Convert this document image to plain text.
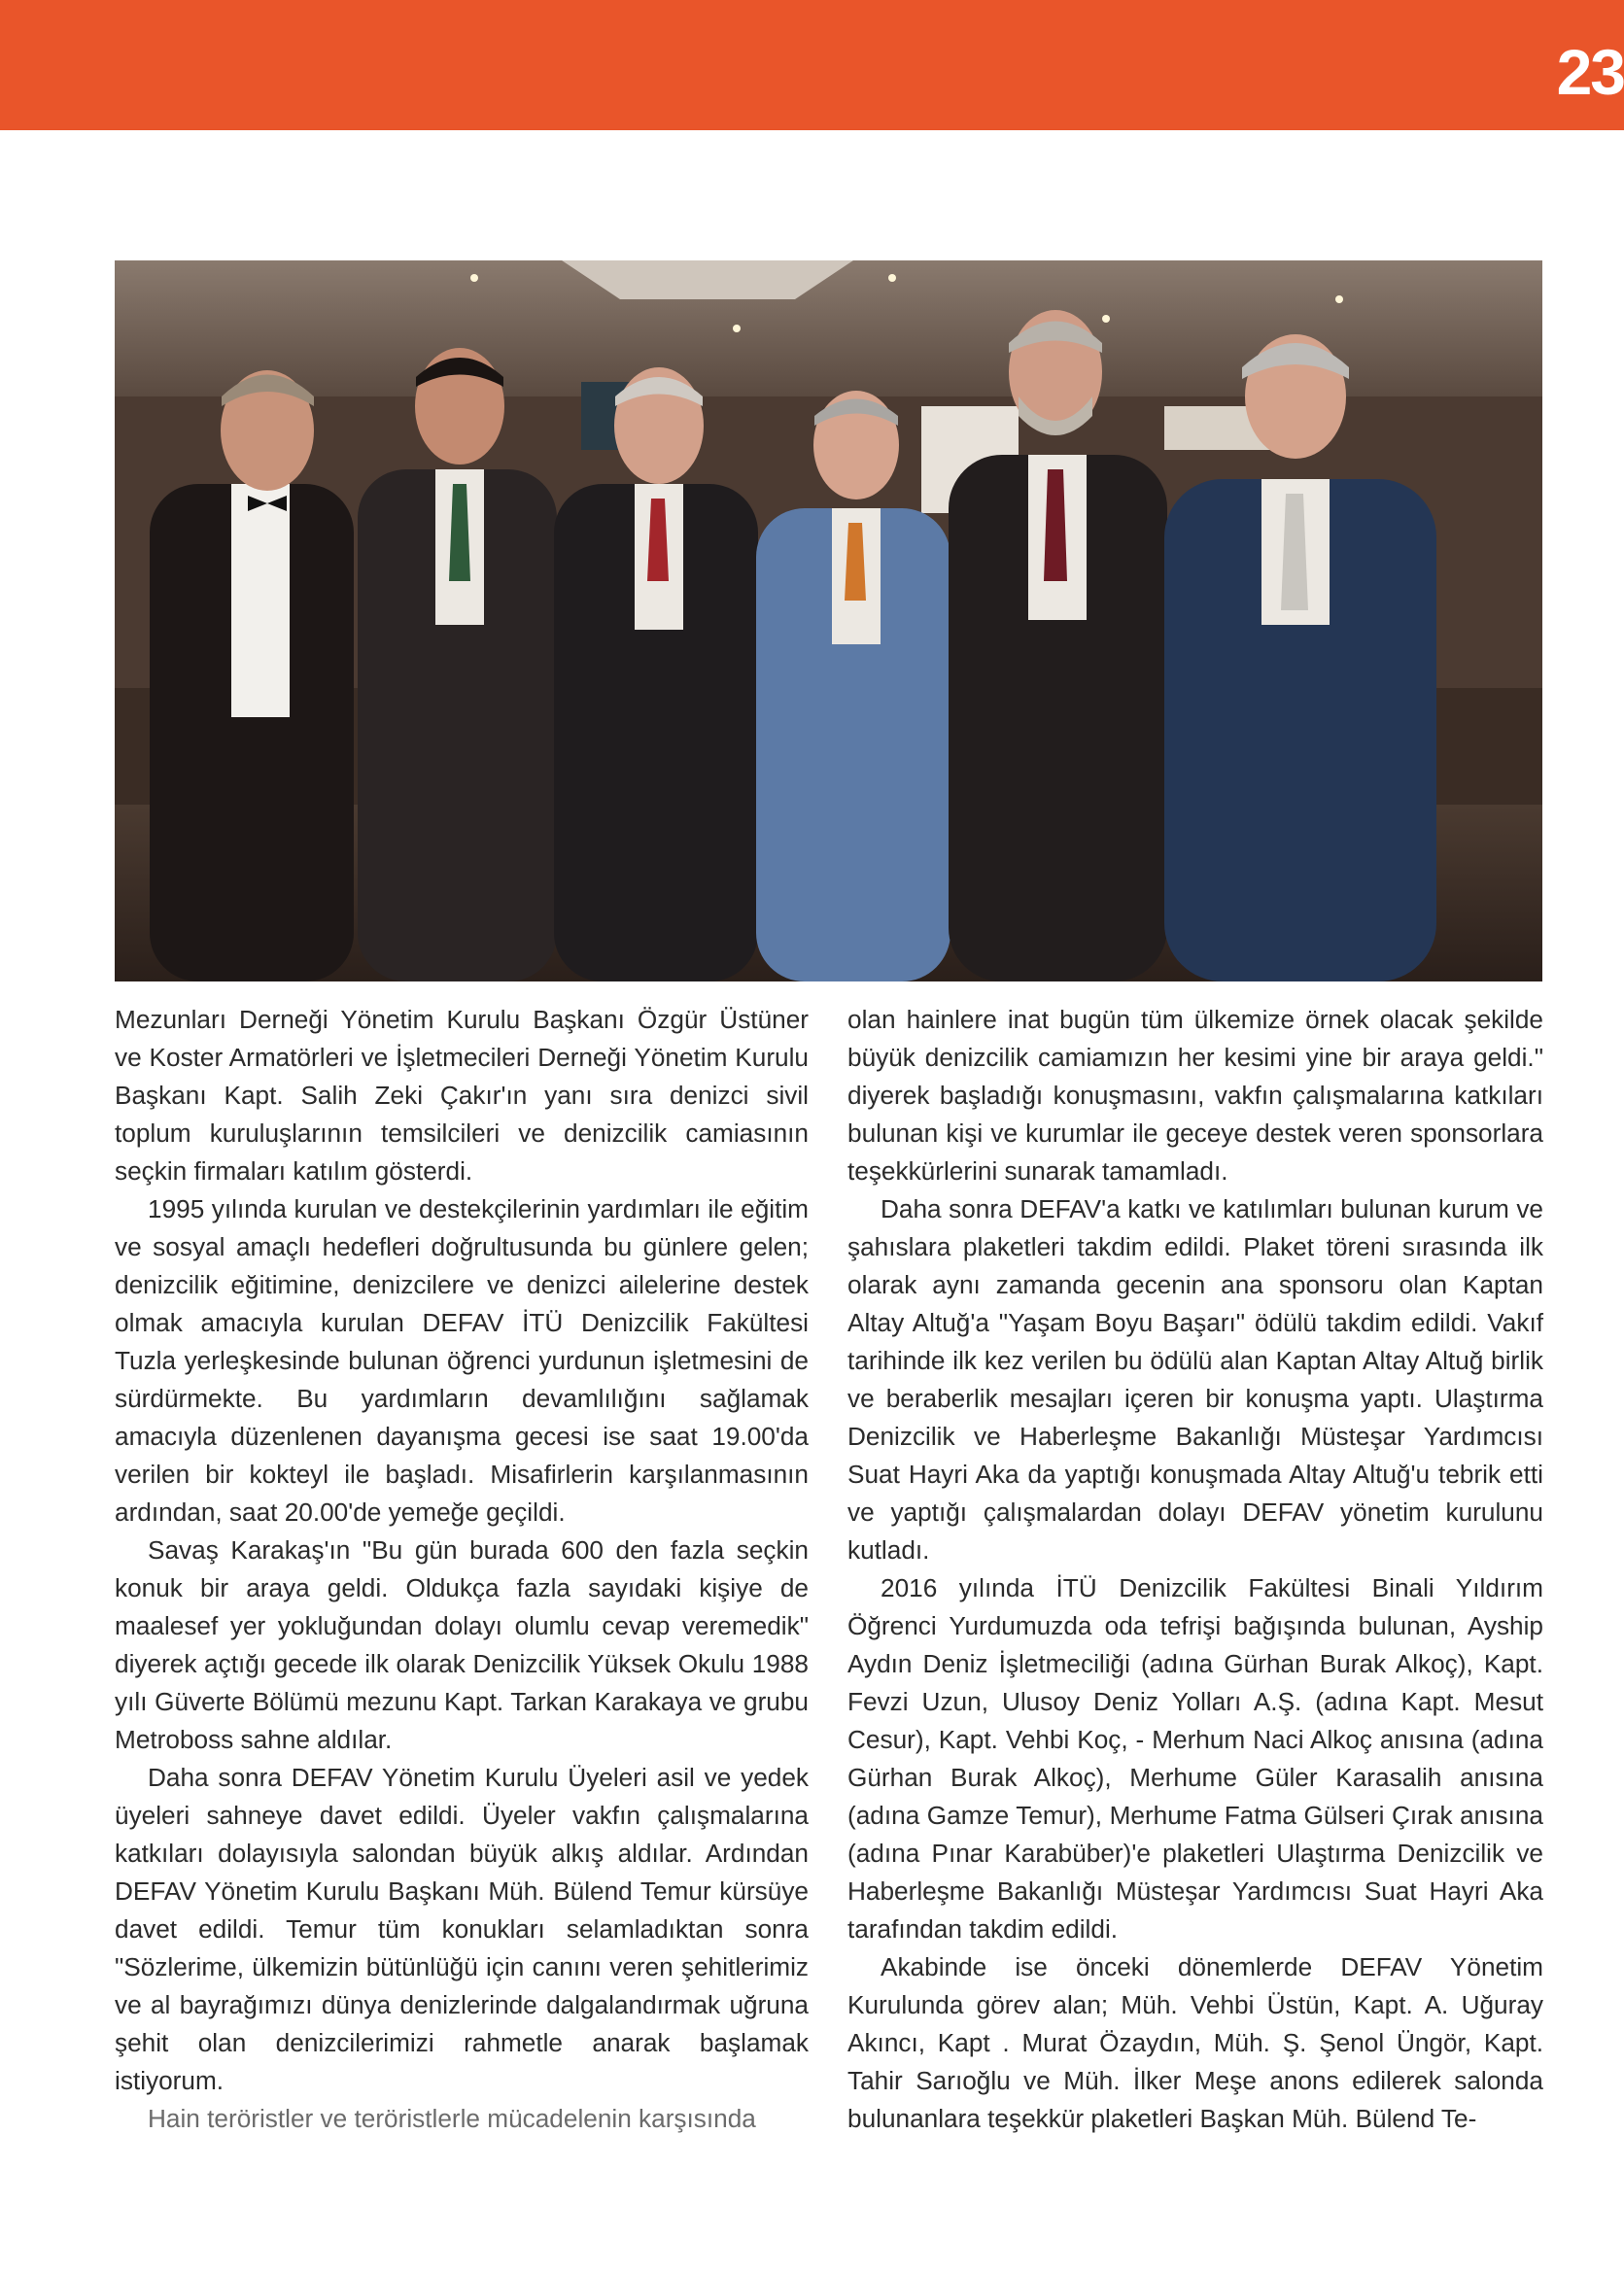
23

Mezunları Derneği Yönetim Kurulu Başkanı Özgür Üstüner ve Koster Armatörleri ve İşletmecileri Derneği Yönetim Kurulu Başkanı Kapt. Salih Zeki Çakır'ın yanı sıra denizci sivil toplum kuruluşlarının temsilcileri ve denizcilik camiasının seçkin firmaları katılım gösterdi.

1995 yılında kurulan ve destekçilerinin yardımları ile eğitim ve sosyal amaçlı hedefleri doğrultusunda bu günlere gelen; denizcilik eğitimine, denizcilere ve denizci ailelerine destek olmak amacıyla kurulan DEFAV İTÜ Denizcilik Fakültesi Tuzla yerleşkesinde bulunan öğrenci yurdunun işletmesini de sürdürmekte. Bu yardımların devamlılığını sağlamak amacıyla düzenlenen dayanışma gecesi ise saat 19.00'da verilen bir kokteyl ile başladı. Misafirlerin karşılanmasının ardından, saat 20.00'de yemeğe geçildi.

Savaş Karakaş'ın "Bu gün burada 600 den fazla seçkin konuk bir araya geldi. Oldukça fazla sayıdaki kişiye de maalesef yer yokluğundan dolayı olumlu cevap veremedik" diyerek açtığı gecede ilk olarak Denizcilik Yüksek Okulu 1988 yılı Güverte Bölümü mezunu Kapt. Tarkan Karakaya ve grubu Metroboss sahne aldılar.

Daha sonra DEFAV Yönetim Kurulu Üyeleri asil ve yedek üyeleri sahneye davet edildi. Üyeler vakfın çalışmalarına katkıları dolayısıyla salondan büyük alkış aldılar. Ardından DEFAV Yönetim Kurulu Başkanı Müh. Bülend Temur kürsüye davet edildi. Temur tüm konukları selamladıktan sonra "Sözlerime, ülkemizin bütünlüğü için canını veren şehitlerimiz ve al bayrağımızı dünya denizlerinde dalgalandırmak uğruna şehit olan denizcilerimizi rahmetle anarak başlamak istiyorum.

Hain teröristler ve teröristlerle mücadelenin karşısında

olan hainlere inat bugün tüm ülkemize örnek olacak şekilde büyük denizcilik camiamızın her kesimi yine bir araya geldi." diyerek başladığı konuşmasını, vakfın çalışmalarına katkıları bulunan kişi ve kurumlar ile geceye destek veren sponsorlara teşekkürlerini sunarak tamamladı.

Daha sonra DEFAV'a katkı ve katılımları bulunan kurum ve şahıslara plaketleri takdim edildi. Plaket töreni sırasında ilk olarak aynı zamanda gecenin ana sponsoru olan Kaptan Altay Altuğ'a "Yaşam Boyu Başarı" ödülü takdim edildi. Vakıf tarihinde ilk kez verilen bu ödülü alan Kaptan Altay Altuğ birlik ve beraberlik mesajları içeren bir konuşma yaptı. Ulaştırma Denizcilik ve Haberleşme Bakanlığı Müsteşar Yardımcısı Suat Hayri Aka da yaptığı konuşmada Altay Altuğ'u tebrik etti ve yaptığı çalışmalardan dolayı DEFAV yönetim kurulunu kutladı.

2016 yılında İTÜ Denizcilik Fakültesi Binali Yıldırım Öğrenci Yurdumuzda oda tefrişi bağışında bulunan, Ayship Aydın Deniz İşletmeciliği (adına Gürhan Burak Alkoç), Kapt. Fevzi Uzun, Ulusoy Deniz Yolları A.Ş. (adına Kapt. Mesut Cesur), Kapt. Vehbi Koç, - Merhum Naci Alkoç anısına (adına Gürhan Burak Alkoç), Merhume Güler Karasalih anısına (adına Gamze Temur), Merhume Fatma Gülseri Çırak anısına (adına Pınar Karabüber)'e plaketleri Ulaştırma Denizcilik ve Haberleşme Bakanlığı Müsteşar Yardımcısı Suat Hayri Aka tarafından takdim edildi.

Akabinde ise önceki dönemlerde DEFAV Yönetim Kurulunda görev alan; Müh. Vehbi Üstün, Kapt. A. Uğuray Akıncı, Kapt . Murat Özaydın, Müh. Ş. Şenol Üngör, Kapt. Tahir Sarıoğlu ve Müh. İlker Meşe anons edilerek salonda bulunanlara teşekkür plaketleri Başkan Müh. Bülend Te-
